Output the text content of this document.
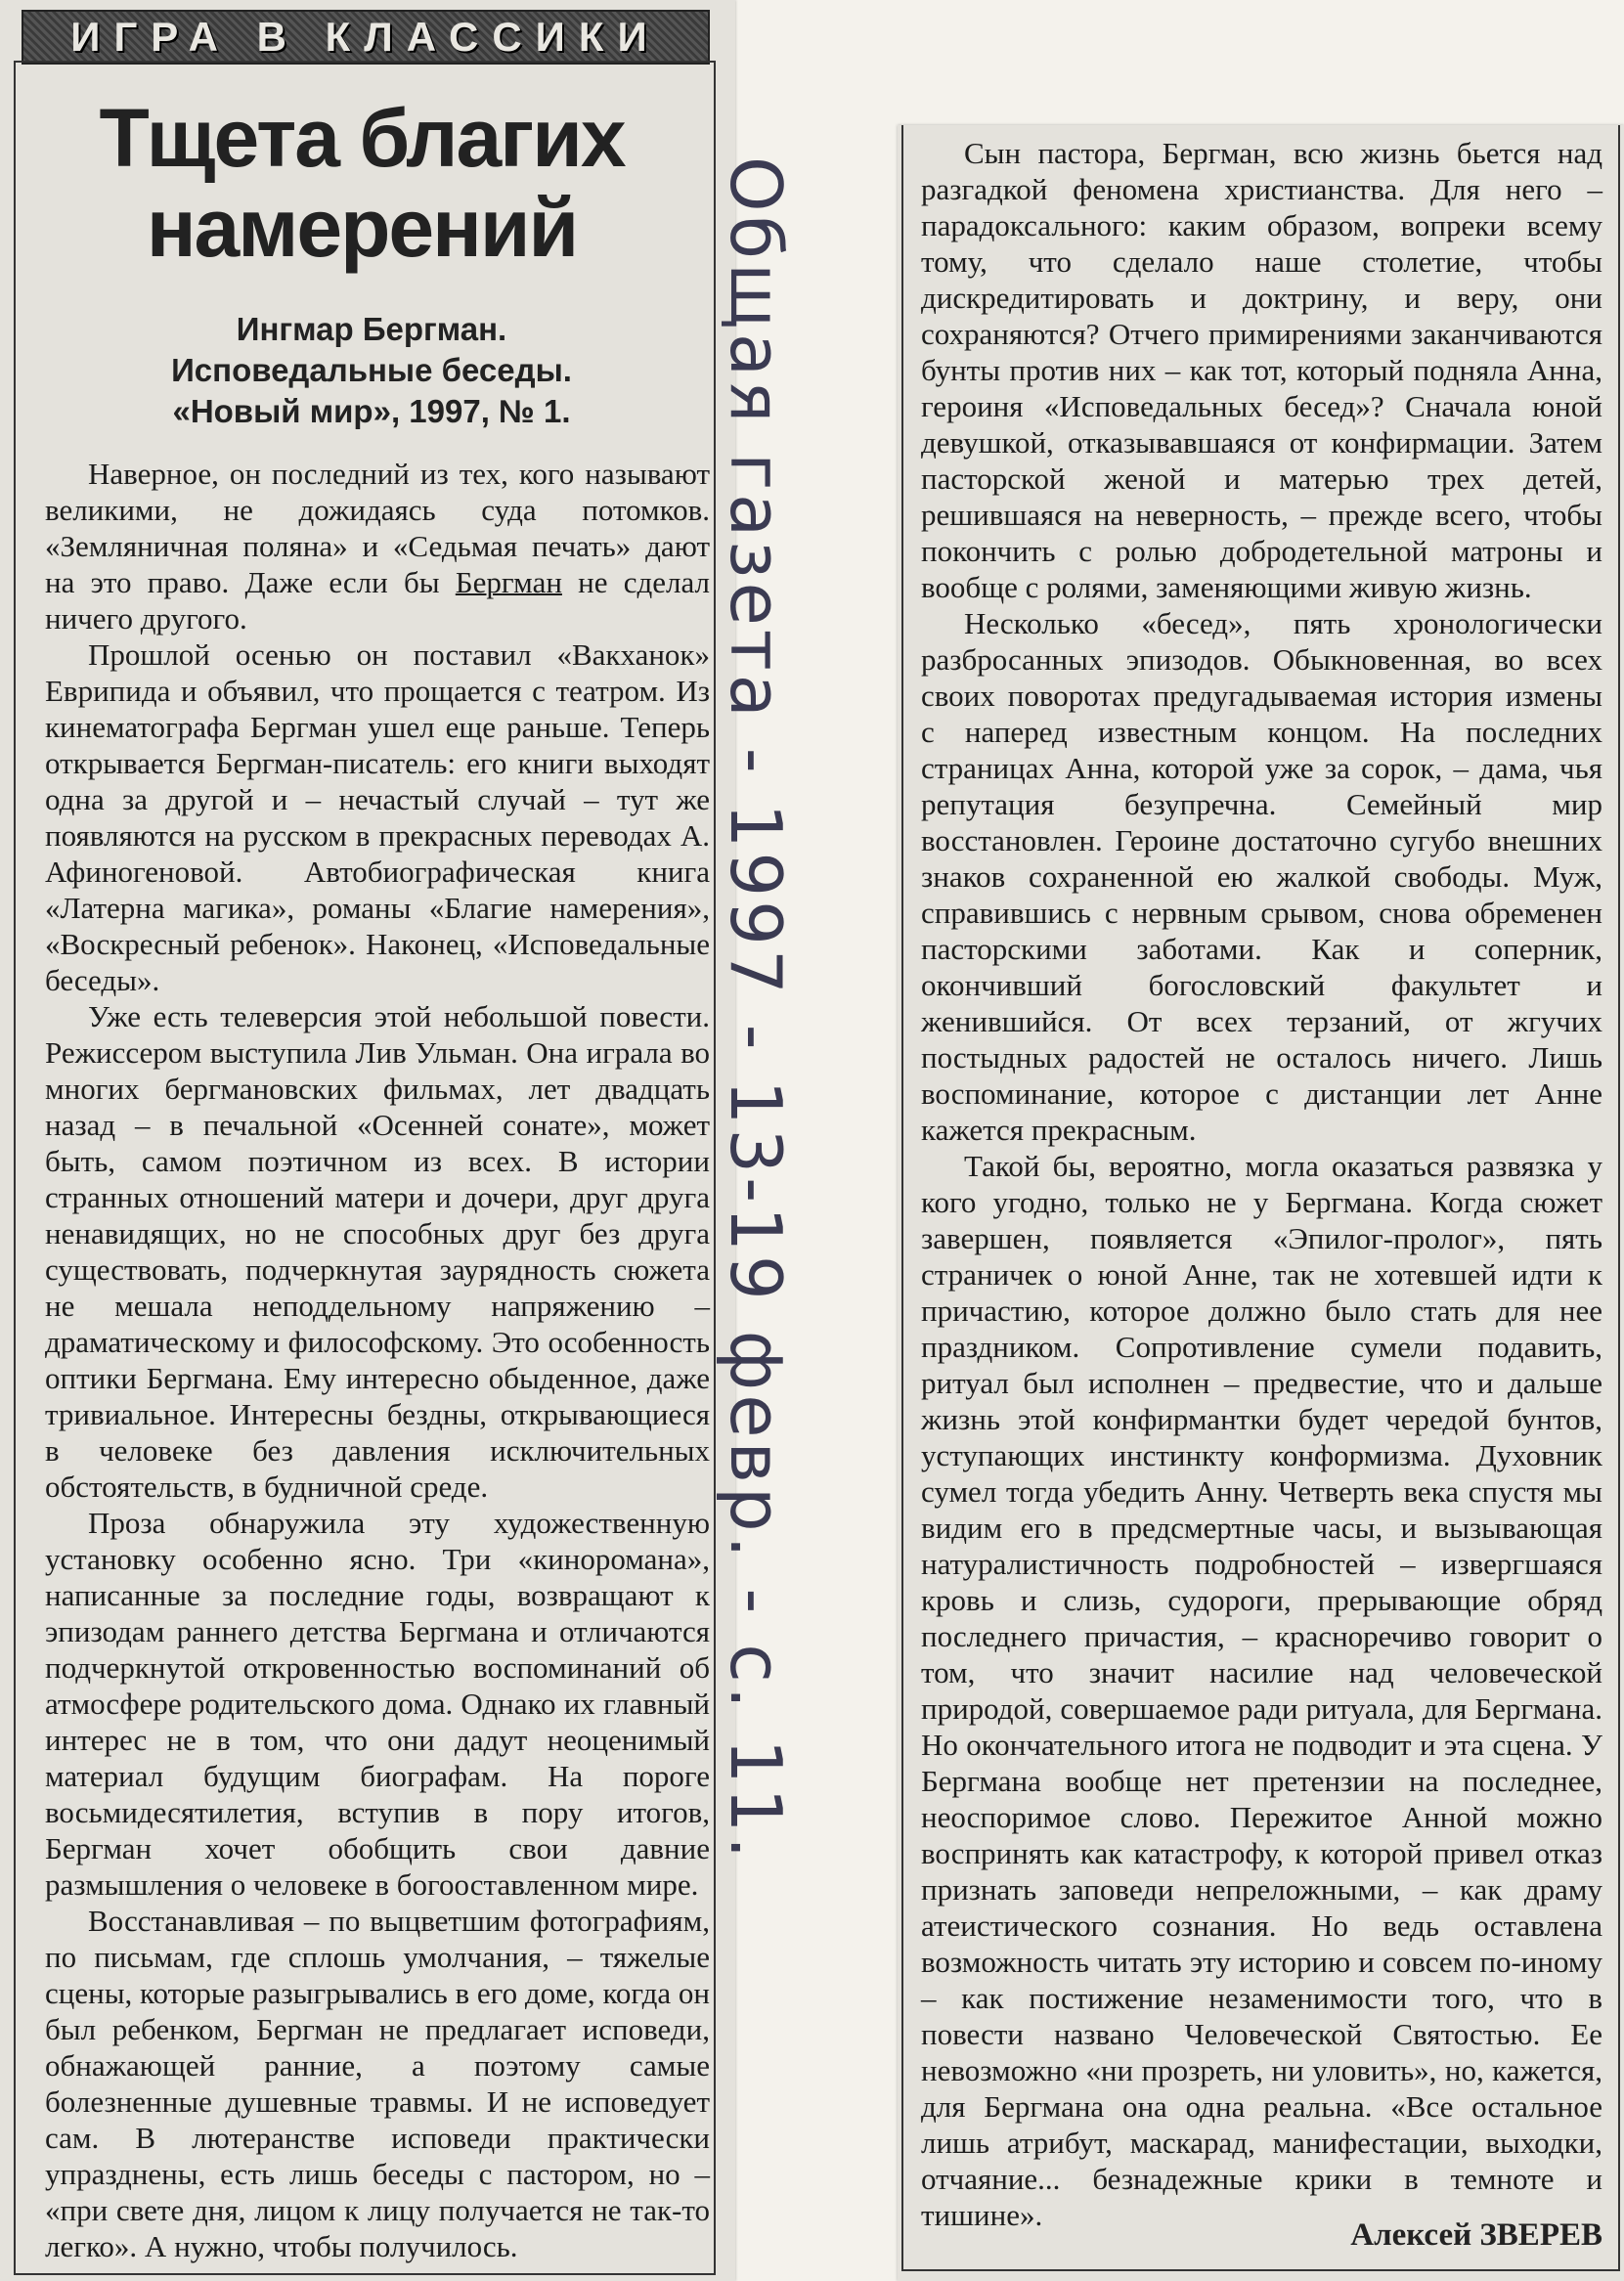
ИГРА В КЛАССИКИ
Тщета благих
намерений
Ингмар Бергман.
Исповедальные беседы.
«Новый мир», 1997, № 1.

Наверное, он последний из тех, кого называют великими, не дожидаясь суда потомков. «Земляничная поляна» и «Седьмая печать» дают на это право. Даже если бы Бергман не сделал ничего другого.

Прошлой осенью он поставил «Вакханок» Еврипида и объявил, что прощается с театром. Из кинематографа Бергман ушел еще раньше. Теперь открывается Бергман-писатель: его книги выходят одна за другой и – нечастый случай – тут же появляются на русском в прекрасных переводах А. Афиногеновой. Автобиографическая книга «Латерна магика», романы «Благие намерения», «Воскресный ребенок». Наконец, «Исповедальные беседы».

Уже есть телеверсия этой небольшой повести. Режиссером выступила Лив Ульман. Она играла во многих бергмановских фильмах, лет двадцать назад – в печальной «Осенней сонате», может быть, самом поэтичном из всех. В истории странных отношений матери и дочери, друг друга ненавидящих, но не способных друг без друга существовать, подчеркнутая заурядность сюжета не мешала неподдельному напряжению – драматическому и философскому. Это особенность оптики Бергмана. Ему интересно обыденное, даже тривиальное. Интересны бездны, открывающиеся в человеке без давления исключительных обстоятельств, в будничной среде.

Проза обнаружила эту художественную установку особенно ясно. Три «кинoромана», написанные за последние годы, возвращают к эпизодам раннего детства Бергмана и отличаются подчеркнутой откровенностью воспоминаний об атмосфере родительского дома. Однако их главный интерес не в том, что они дадут неоценимый материал будущим биографам. На пороге восьмидесятилетия, вступив в пору итогов, Бергман хочет обобщить свои давние размышления о человеке в богооставленном мире.

Восстанавливая – по выцветшим фотографиям, по письмам, где сплошь умолчания, – тяжелые сцены, которые разыгрывались в его доме, когда он был ребенком, Бергман не предлагает исповеди, обнажающей ранние, а поэтому самые болезненные душевные травмы. И не исповедует сам. В лютеранстве исповеди практически упразднены, есть лишь беседы с пастором, но – «при свете дня, лицом к лицу получается не так-то легко». А нужно, чтобы получилось.

Общая газета - 1997 - 13-19 февр. - с. 11.

Сын пастора, Бергман, всю жизнь бьется над разгадкой феномена христианства. Для него – парадоксального: каким образом, вопреки всему тому, что сделало наше столетие, чтобы дискредитировать и доктрину, и веру, они сохраняются? Отчего примирениями заканчиваются бунты против них – как тот, который подняла Анна, героиня «Исповедальных бесед»? Сначала юной девушкой, отказывавшаяся от конфирмации. Затем пасторской женой и матерью трех детей, решившаяся на неверность, – прежде всего, чтобы покончить с ролью добродетельной матроны и вообще с ролями, заменяющими живую жизнь.

Несколько «бесед», пять хронологически разбросанных эпизодов. Обыкновенная, во всех своих поворотах предугадываемая история измены с наперед известным концом. На последних страницах Анна, которой уже за сорок, – дама, чья репутация безупречна. Семейный мир восстановлен. Героине достаточно сугубо внешних знаков сохраненной ею жалкой свободы. Муж, справившись с нервным срывом, снова обременен пасторскими заботами. Как и соперник, окончивший богословский факультет и женившийся. От всех терзаний, от жгучих постыдных радостей не осталось ничего. Лишь воспоминание, которое с дистанции лет Анне кажется прекрасным.

Такой бы, вероятно, могла оказаться развязка у кого угодно, только не у Бергмана. Когда сюжет завершен, появляется «Эпилог-пролог», пять страничек о юной Анне, так не хотевшей идти к причастию, которое должно было стать для нее праздником. Сопротивление сумели подавить, ритуал был исполнен – предвестие, что и дальше жизнь этой конфирмантки будет чередой бунтов, уступающих инстинкту конформизма. Духовник сумел тогда убедить Анну. Четверть века спустя мы видим его в предсмертные часы, и вызывающая натуралистичность подробностей – извергшаяся кровь и слизь, судороги, прерывающие обряд последнего причастия, – красноречиво говорит о том, что значит насилие над человеческой природой, совершаемое ради ритуала, для Бергмана. Но окончательного итога не подводит и эта сцена. У Бергмана вообще нет претензии на последнее, неоспоримое слово. Пережитое Анной можно воспринять как катастрофу, к которой привел отказ признать заповеди непреложными, – как драму атеистического сознания. Но ведь оставлена возможность читать эту историю и совсем по-иному – как постижение незаменимости того, что в повести названо Человеческой Святостью. Ее невозможно «ни прозреть, ни уловить», но, кажется, для Бергмана она одна реальна. «Все остальное лишь атрибут, маскарад, манифестации, выходки, отчаяние... безнадежные крики в темноте и тишине».

Алексей ЗВЕРЕВ
